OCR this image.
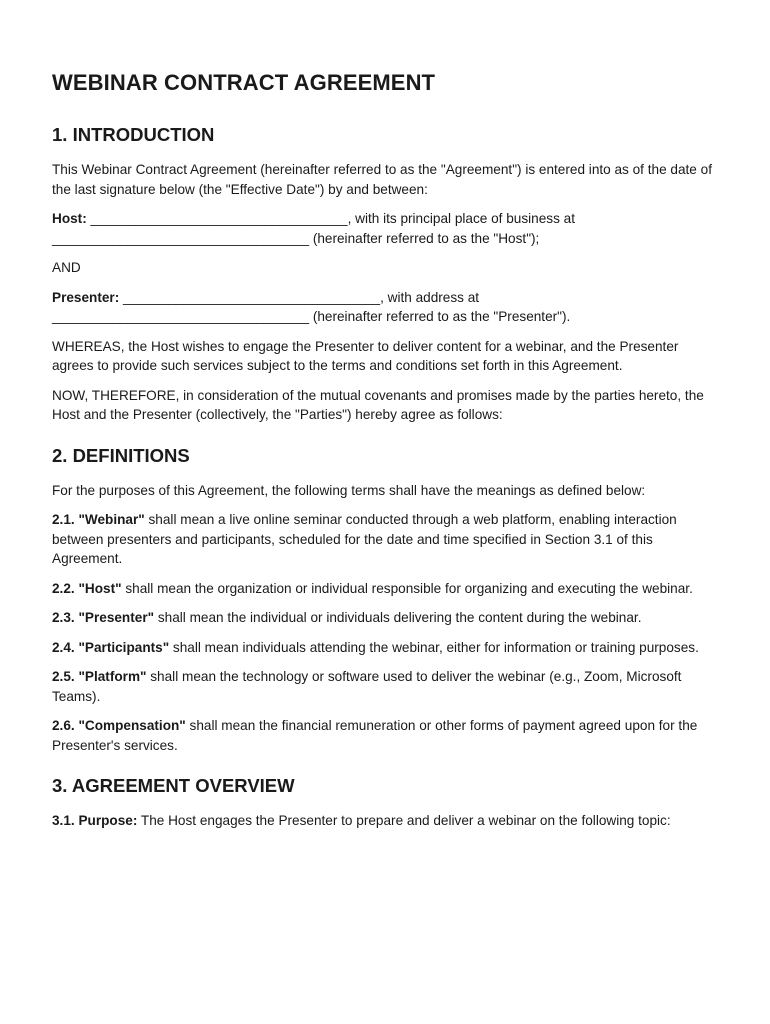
WEBINAR CONTRACT AGREEMENT
1. INTRODUCTION

This Webinar Contract Agreement (hereinafter referred to as the "Agreement") is entered into as of the date of the last signature below (the "Effective Date") by and between:

Host: __________________________________, with its principal place of business at __________________________________ (hereinafter referred to as the "Host");

AND

Presenter: __________________________________, with address at __________________________________ (hereinafter referred to as the "Presenter").

WHEREAS, the Host wishes to engage the Presenter to deliver content for a webinar, and the Presenter agrees to provide such services subject to the terms and conditions set forth in this Agreement.

NOW, THEREFORE, in consideration of the mutual covenants and promises made by the parties hereto, the Host and the Presenter (collectively, the "Parties") hereby agree as follows:

2. DEFINITIONS

For the purposes of this Agreement, the following terms shall have the meanings as defined below:

2.1. "Webinar" shall mean a live online seminar conducted through a web platform, enabling interaction between presenters and participants, scheduled for the date and time specified in Section 3.1 of this Agreement.

2.2. "Host" shall mean the organization or individual responsible for organizing and executing the webinar.

2.3. "Presenter" shall mean the individual or individuals delivering the content during the webinar.

2.4. "Participants" shall mean individuals attending the webinar, either for information or training purposes.

2.5. "Platform" shall mean the technology or software used to deliver the webinar (e.g., Zoom, Microsoft Teams).

2.6. "Compensation" shall mean the financial remuneration or other forms of payment agreed upon for the Presenter's services.

3. AGREEMENT OVERVIEW

3.1. Purpose: The Host engages the Presenter to prepare and deliver a webinar on the following topic:
